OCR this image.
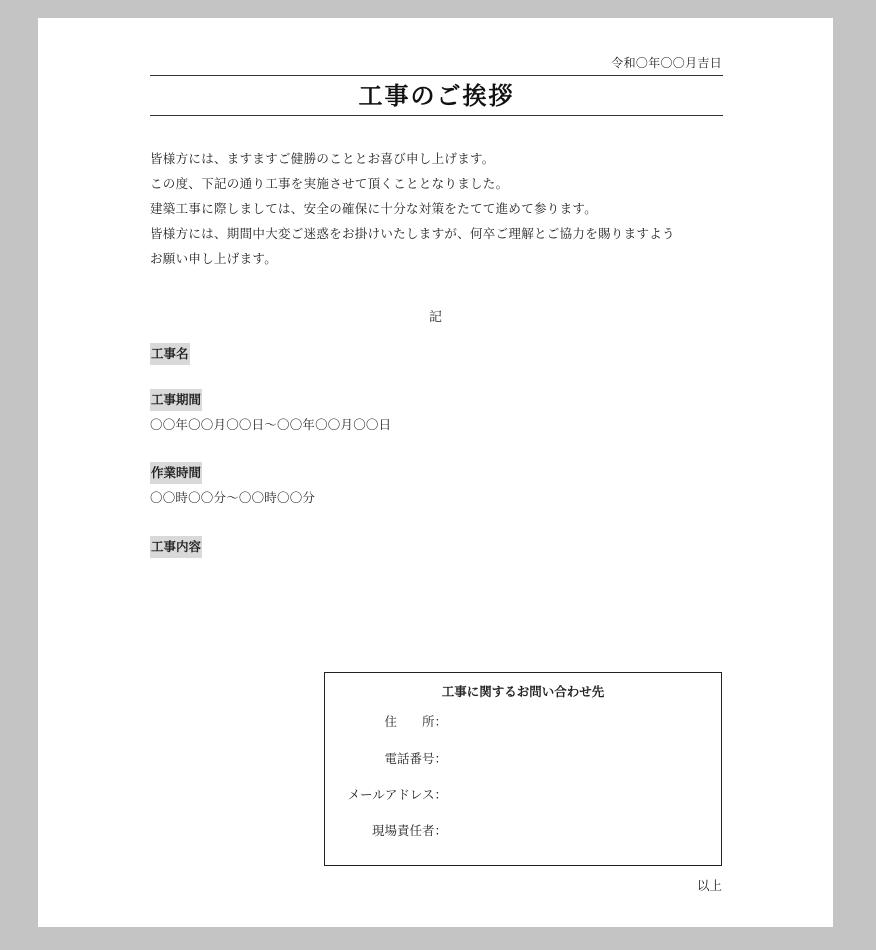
令和〇年〇〇月吉日
工事のご挨拶
皆様方には、ますますご健勝のこととお喜び申し上げます。
この度、下記の通り工事を実施させて頂くこととなりました。
建築工事に際しましては、安全の確保に十分な対策をたてて進めて参ります。
皆様方には、期間中大変ご迷惑をお掛けいたしますが、何卒ご理解とご協力を賜りますよう
お願い申し上げます。
記
工事名
工事期間
〇〇年〇〇月〇〇日～〇〇年〇〇月〇〇日
作業時間
〇〇時〇〇分～〇〇時〇〇分
工事内容
工事に関するお問い合わせ先
住　　所：
電話番号：
メールアドレス：
現場責任者：
以上
